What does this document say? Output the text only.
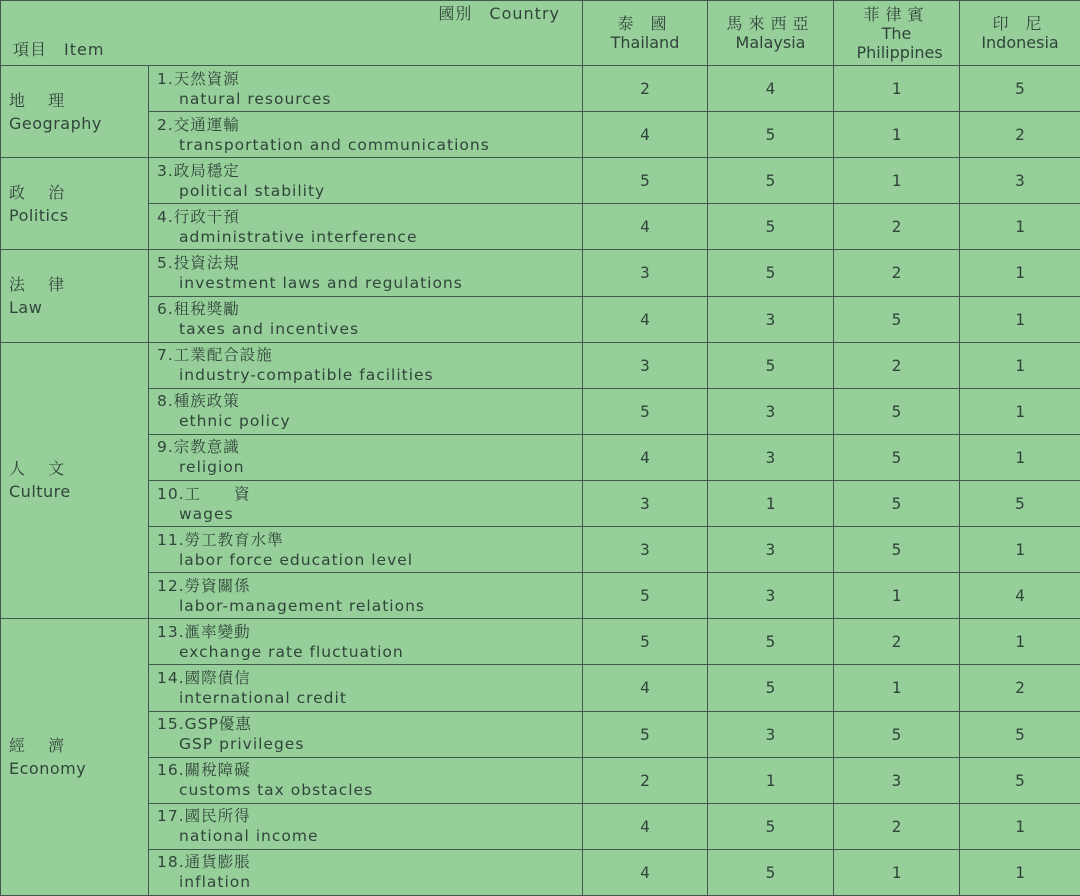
國別　Country
項目　Item		泰 國
Thailand	馬來西亞
Malaysia	菲律賓
The Philippines	印 尼
Indonesia

地 理
Geography	1.天然資源
natural resources	2	4	1	5

	2.交通運輸
transportation and communications	4	5	1	2

政 治
Politics	3.政局穩定
political stability	5	5	1	3

	4.行政干預
administrative interference	4	5	2	1

法 律
Law	5.投資法規
investment laws and regulations	3	5	2	1

	6.租稅獎勵
taxes and incentives	4	3	5	1

人 文
Culture	7.工業配合設施
industry-compatible facilities	3	5	2	1

	8.種族政策
ethnic policy	5	3	5	1

	9.宗教意識
religion	4	3	5	1

	10.工　　資
wages	3	1	5	5

	11.勞工教育水準
labor force education level	3	3	5	1

	12.勞資關係
labor-management relations	5	3	1	4

經 濟
Economy	13.滙率變動
exchange rate fluctuation	5	5	2	1

	14.國際債信
international credit	4	5	1	2

	15.GSP優惠
GSP privileges	5	3	5	5

	16.關稅障礙
customs tax obstacles	2	1	3	5

	17.國民所得
national income	4	5	2	1

	18.通貨膨脹
inflation	4	5	1	1
